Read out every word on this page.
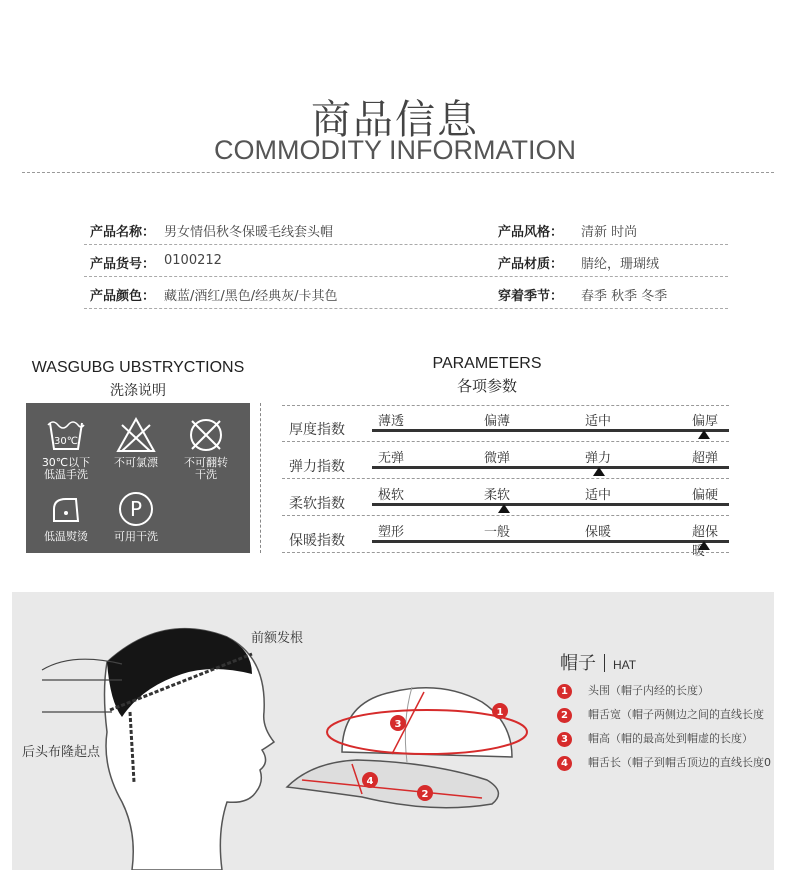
商品信息
COMMODITY INFORMATION
产品名称： 男女情侣秋冬保暖毛线套头帽	产品风格： 清新 时尚
产品货号： 0100212	产品材质： 腈纶，珊瑚绒
产品颜色： 藏蓝/酒红/黑色/经典灰/卡其色	穿着季节： 春季 秋季 冬季
WASGUBG UBSTRYCTIONS
洗涤说明
30℃
30℃以下
低温手洗
不可氯漂	不可翻转
干洗
低温熨烫
P
可用干洗
PARAMETERS
各项参数
厚度指数
薄透	偏薄	适中	偏厚
弹力指数
无弹	微弹	弹力	超弹
柔软指数
极软	柔软	适中	偏硬
保暖指数
塑形	一般	保暖	超保暖
3
1
2
4
前额发根
后头布隆起点
帽子 HAT
1 头围（帽子内经的长度）
2 帽舌宽（帽子两侧边之间的直线长度
3 帽高（帽的最高处到帽虚的长度）
4 帽舌长（帽子到帽舌顶边的直线长度0
